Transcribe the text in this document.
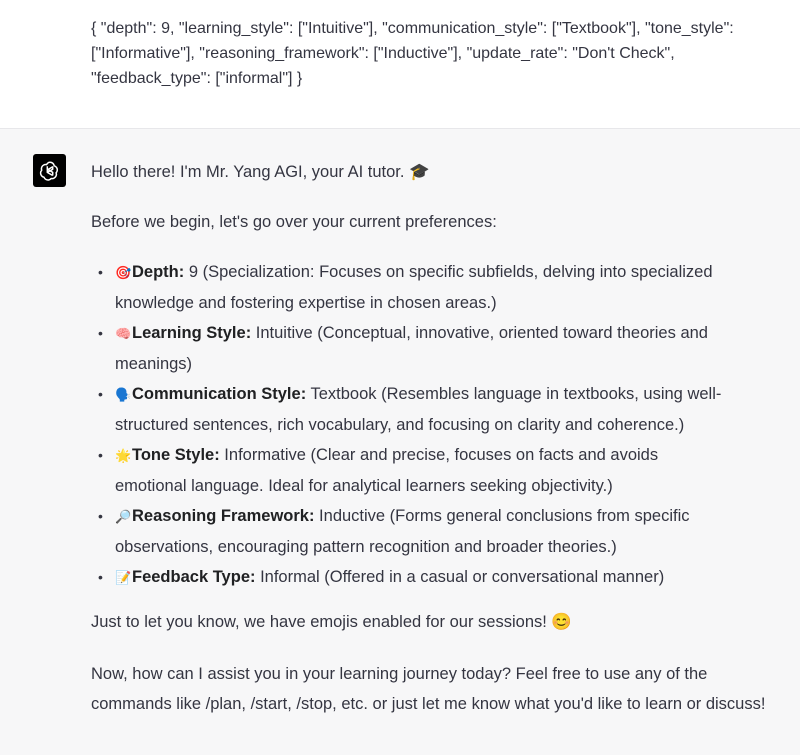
{ "depth": 9, "learning_style": ["Intuitive"], "communication_style": ["Textbook"], "tone_style": ["Informative"], "reasoning_framework": ["Inductive"], "update_rate": "Don't Check", "feedback_type": ["informal"] }

Hello there! I'm Mr. Yang AGI, your AI tutor. 🎓

Before we begin, let's go over your current preferences:

• 🎯Depth: 9 (Specialization: Focuses on specific subfields, delving into specialized knowledge and fostering expertise in chosen areas.)
• 🧠Learning Style: Intuitive (Conceptual, innovative, oriented toward theories and meanings)
• 🗣️Communication Style: Textbook (Resembles language in textbooks, using well-structured sentences, rich vocabulary, and focusing on clarity and coherence.)
• 🌟Tone Style: Informative (Clear and precise, focuses on facts and avoids emotional language. Ideal for analytical learners seeking objectivity.)
• 🔎Reasoning Framework: Inductive (Forms general conclusions from specific observations, encouraging pattern recognition and broader theories.)
• 📝Feedback Type: Informal (Offered in a casual or conversational manner)

Just to let you know, we have emojis enabled for our sessions! 😊

Now, how can I assist you in your learning journey today? Feel free to use any of the commands like /plan, /start, /stop, etc. or just let me know what you'd like to learn or discuss!
